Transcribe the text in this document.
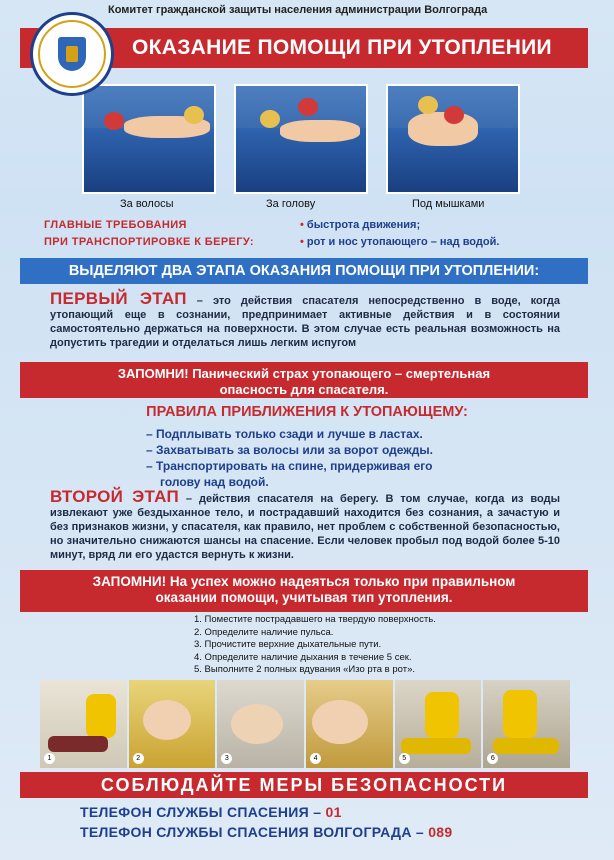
Комитет гражданской защиты населения администрации Волгограда
ОКАЗАНИЕ ПОМОЩИ ПРИ УТОПЛЕНИИ
За волосы	За голову	Под мышками
ГЛАВНЫЕ ТРЕБОВАНИЯ
ПРИ ТРАНСПОРТИРОВКЕ К БЕРЕГУ:
• быстрота движения;
• рот и нос утопающего – над водой.
ВЫДЕЛЯЮТ ДВА ЭТАПА ОКАЗАНИЯ ПОМОЩИ ПРИ УТОПЛЕНИИ:
ПЕРВЫЙ ЭТАП – это действия спасателя непосредственно в воде, когда утопающий еще в сознании, предпринимает активные действия и в состоянии самостоятельно держаться на поверхности. В этом случае есть реальная возможность на допустить трагедии и отделаться лишь легким испугом
ЗАПОМНИ! Панический страх утопающего – смертельная
опасность для спасателя.
ПРАВИЛА ПРИБЛИЖЕНИЯ К УТОПАЮЩЕМУ:
– Подплывать только сзади и лучше в ластах.
– Захватывать за волосы или за ворот одежды.
– Транспортировать на спине, придерживая его
голову над водой.
ВТОРОЙ ЭТАП – действия спасателя на берегу. В том случае, когда из воды извлекают уже бездыханное тело, и пострадавший находится без сознания, а зачастую и без признаков жизни, у спасателя, как правило, нет проблем с собственной безопасностью, но значительно снижаются шансы на спасение. Если человек пробыл под водой более 5-10 минут, вряд ли его удастся вернуть к жизни.
ЗАПОМНИ! На успех можно надеяться только при правильном
оказании помощи, учитывая тип утопления.
1. Поместите пострадавшего на твердую поверхность.
2. Определите наличие пульса.
3. Прочистите верхние дыхательные пути.
4. Определите наличие дыхания в течение 5 сек.
5. Выполните 2 полных вдувания «Изо рта в рот».
1	2	3	4	5	6
СОБЛЮДАЙТЕ МЕРЫ БЕЗОПАСНОСТИ
ТЕЛЕФОН СЛУЖБЫ СПАСЕНИЯ – 01
ТЕЛЕФОН СЛУЖБЫ СПАСЕНИЯ ВОЛГОГРАДА – 089
